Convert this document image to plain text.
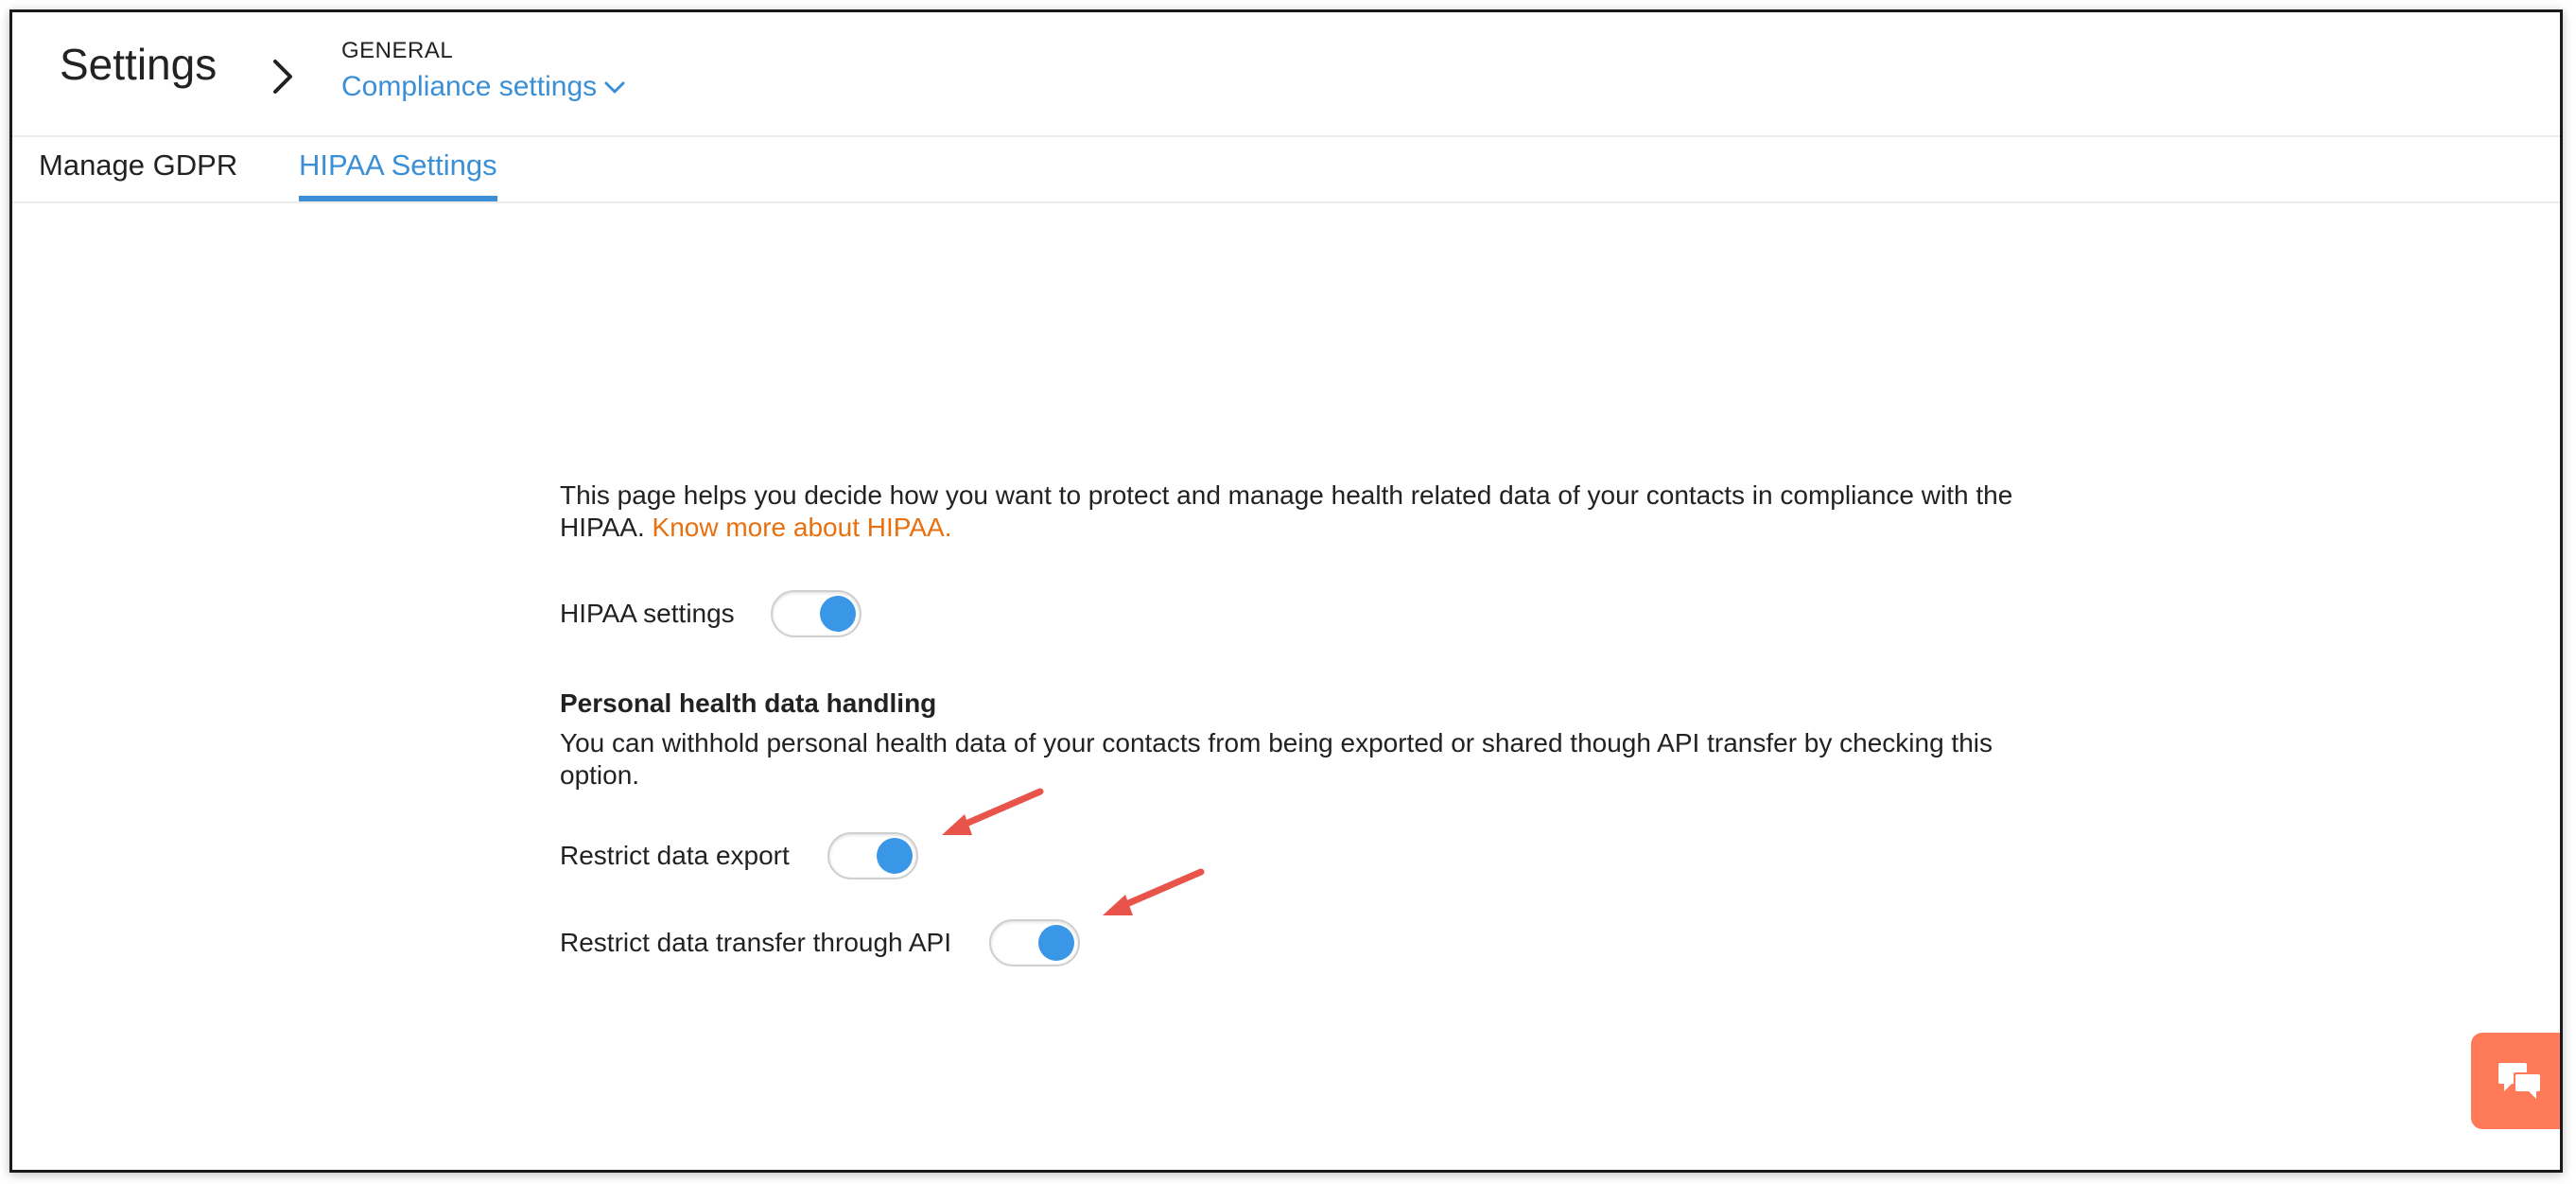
Settings	GENERAL
Compliance settings
Manage GDPR HIPAA Settings
This page helps you decide how you want to protect and manage health related data of your contacts in compliance with the HIPAA. Know more about HIPAA.
HIPAA settings
Personal health data handling
You can withhold personal health data of your contacts from being exported or shared though API transfer by checking this option.
Restrict data export
Restrict data transfer through API
